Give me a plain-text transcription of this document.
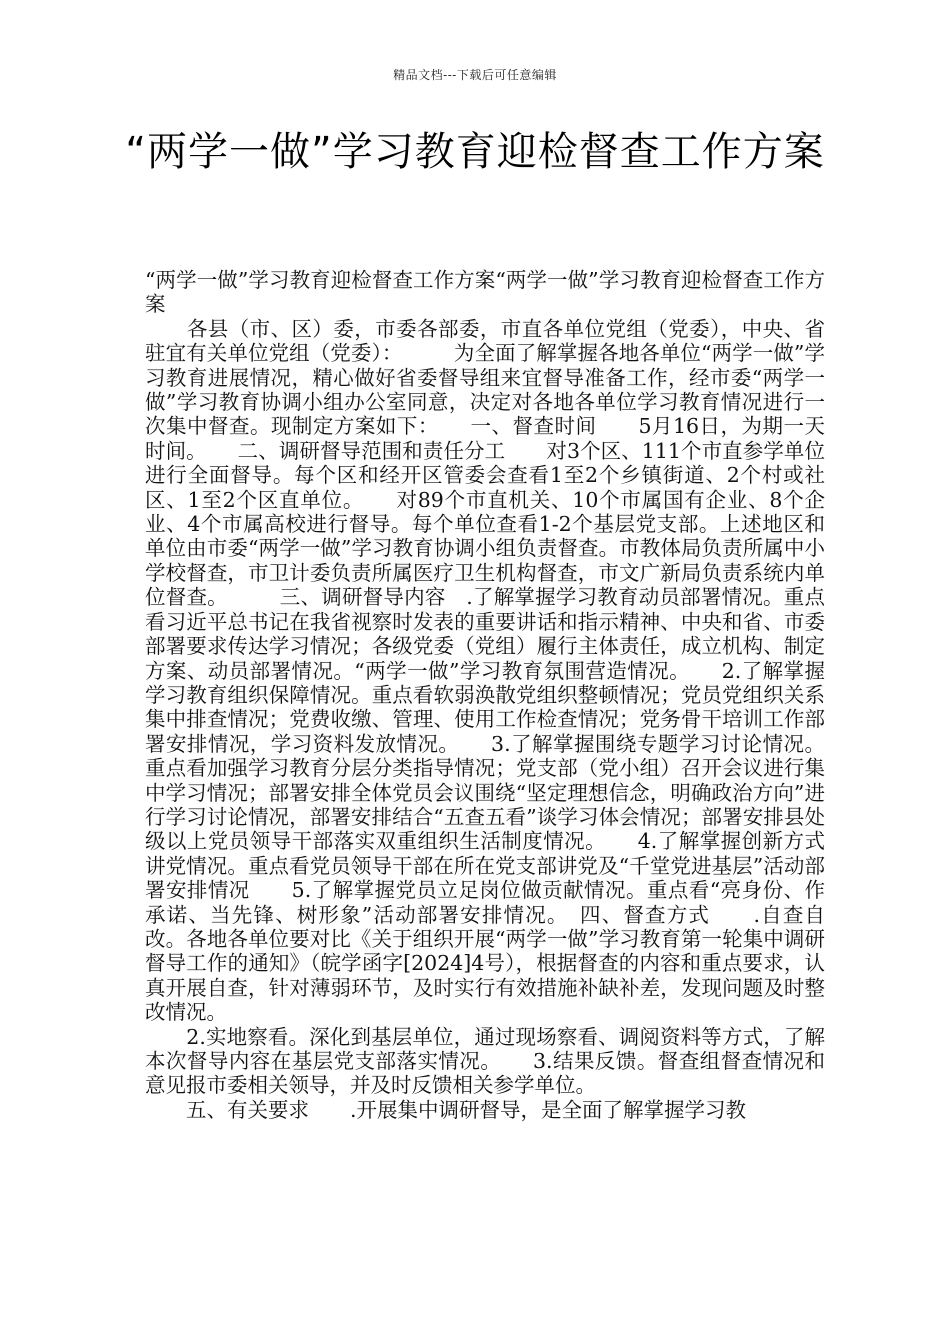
精品文档---下载后可任意编辑
“两学一做”学习教育迎检督查工作方案

“两学一做”学习教育迎检督查工作方案“两学一做”学习教育迎检督查工作方案
　　各县（市、区）委，市委各部委，市直各单位党组（党委），中央、省驻宜有关单位党组（党委）：　　　为全面了解掌握各地各单位“两学一做”学习教育进展情况，精心做好省委督导组来宜督导准备工作，经市委“两学一做”学习教育协调小组办公室同意，决定对各地各单位学习教育情况进行一次集中督查。现制定方案如下：　　一、督查时间　　5月16日，为期一天时间。　　二、调研督导范围和责任分工　　对3个区、111个市直参学单位进行全面督导。每个区和经开区管委会查看1至2个乡镇街道、2个村或社区、1至2个区直单位。　　对89个市直机关、10个市属国有企业、8个企业、4个市属高校进行督导。每个单位查看1-2个基层党支部。上述地区和单位由市委“两学一做”学习教育协调小组负责督查。市教体局负责所属中小学校督查，市卫计委负责所属医疗卫生机构督查，市文广新局负责系统内单位督查。　　　三、调研督导内容　.了解掌握学习教育动员部署情况。重点看习近平总书记在我省视察时发表的重要讲话和指示精神、中央和省、市委部署要求传达学习情况；各级党委（党组）履行主体责任，成立机构、制定方案、动员部署情况。“两学一做”学习教育氛围营造情况。　　2.了解掌握学习教育组织保障情况。重点看软弱涣散党组织整顿情况；党员党组织关系集中排查情况；党费收缴、管理、使用工作检查情况；党务骨干培训工作部署安排情况，学习资料发放情况。　　3.了解掌握围绕专题学习讨论情况。重点看加强学习教育分层分类指导情况；党支部（党小组）召开会议进行集中学习情况；部署安排全体党员会议围绕“坚定理想信念，明确政治方向”进行学习讨论情况，部署安排结合“五查五看”谈学习体会情况；部署安排县处级以上党员领导干部落实双重组织生活制度情况。　　4.了解掌握创新方式讲党情况。重点看党员领导干部在所在党支部讲党及“千堂党进基层”活动部署安排情况　　5.了解掌握党员立足岗位做贡献情况。重点看“亮身份、作承诺、当先锋、树形象”活动部署安排情况。　四、督查方式　　.自查自改。各地各单位要对比《关于组织开展“两学一做”学习教育第一轮集中调研督导工作的通知》（皖学函字[2024]4号），根据督查的内容和重点要求，认真开展自查，针对薄弱环节，及时实行有效措施补缺补差，发现问题及时整改情况。
　　2.实地察看。深化到基层单位，通过现场察看、调阅资料等方式，了解本次督导内容在基层党支部落实情况。　　3.结果反馈。督查组督查情况和意见报市委相关领导，并及时反馈相关参学单位。
　　五、有关要求　　.开展集中调研督导，是全面了解掌握学习教
